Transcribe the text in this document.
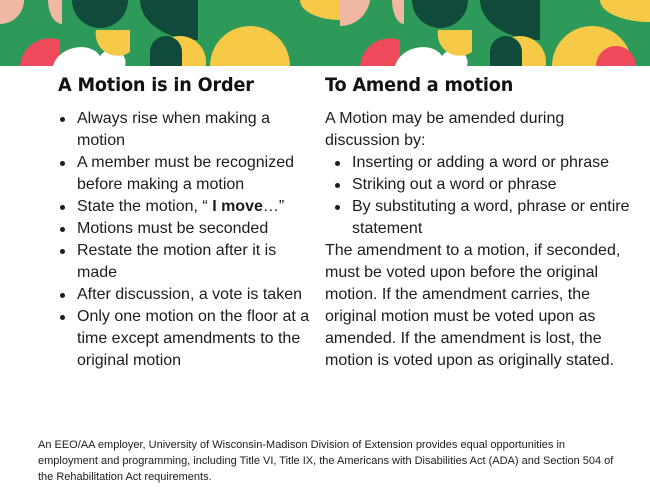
A Motion is in Order
Always rise when making a motion
A member must be recognized before making a motion
State the motion, “ I move…”
Motions must be seconded
Restate the motion after it is made
After discussion, a vote is taken
Only one motion on the floor at a time except amendments to the original motion
To Amend a motion

A Motion may be amended during discussion by:

Inserting or adding a word or phrase
Striking out a word or phrase
By substituting a word, phrase or entire statement

The amendment to a motion, if seconded, must be voted upon before the original motion. If the amendment carries, the original motion must be voted upon as amended. If the amendment is lost, the motion is voted upon as originally stated.

An EEO/AA employer, University of Wisconsin-Madison Division of Extension provides equal opportunities in employment and programming, including Title VI, Title IX, the Americans with Disabilities Act (ADA) and Section 504 of the Rehabilitation Act requirements.
